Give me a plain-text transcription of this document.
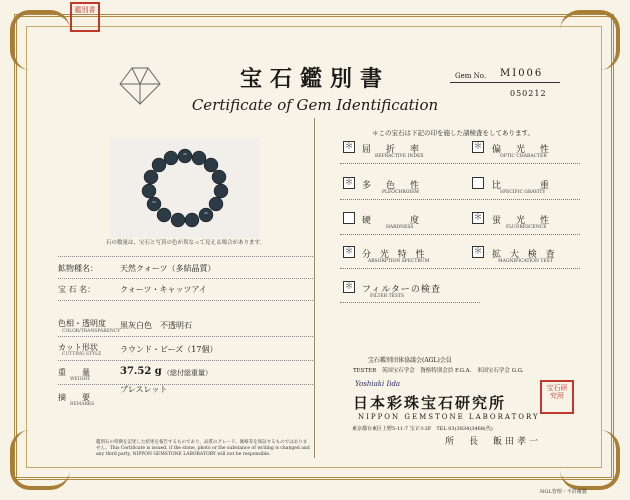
鑑別書
宝石鑑別書
Certificate of Gem Identification
Gem No. MI006
050212
石の数量は、宝石と写真の色が異なって見える場合があります。
鉱物種名：	天然クォーツ（多結晶質）
宝 石 名：	クォーツ・キャッツアイ
色相・透明度
COLOR/TRANSPARENCY
黒灰白色　不透明石
カット形状
CUTTING STYLE
ラウンド・ビーズ（17個）
重　　量
WEIGHT
37.52 g （総付総重量）
摘　　要
REMARKS
ブレスレット
鑑別石の特徴を記述した結果を報告するものであり、品質のグレード、価格等を保証するものではありません。This Certificate is issued, if the stone, photo or the substance of writing is changed and any third party, NIPPON GEMSTONE LABORATORY will not be responsible.
＊この宝石は下記の印を施した諸検査をしてあります。
＊ 屈　折　率
REFRACTIVE INDEX
＊ 偏　光　性
OPTIC CHARACTER
＊ 多　色　性
PLEOCHROISM
比　　　重
SPECIFIC GRAVITY
硬　　　度
HARDNESS
＊ 蛍　光　性
FLUORESCENCE
＊ 分 光 特 性
ABSORPTION SPECTRUM
＊ 拡 大 検 査
MAGNIFICATION TEST
＊ フィルターの検査
FILTER TESTS
宝石鑑別団体協議会(AGL)会員
TESTER　英国宝石学会　資格特別会員 F.G.A.　米国宝石学会 G.G.
Yoshiaki Iida
日本彩珠宝石研究所
NIPPON GEMSTONE LABORATORY
東京都台東区上野5-11-7 宝ビル2F　TEL 03(3834)3468(代)
所　長　飯田孝一
宝石研究所
NGL管理・不許複製
